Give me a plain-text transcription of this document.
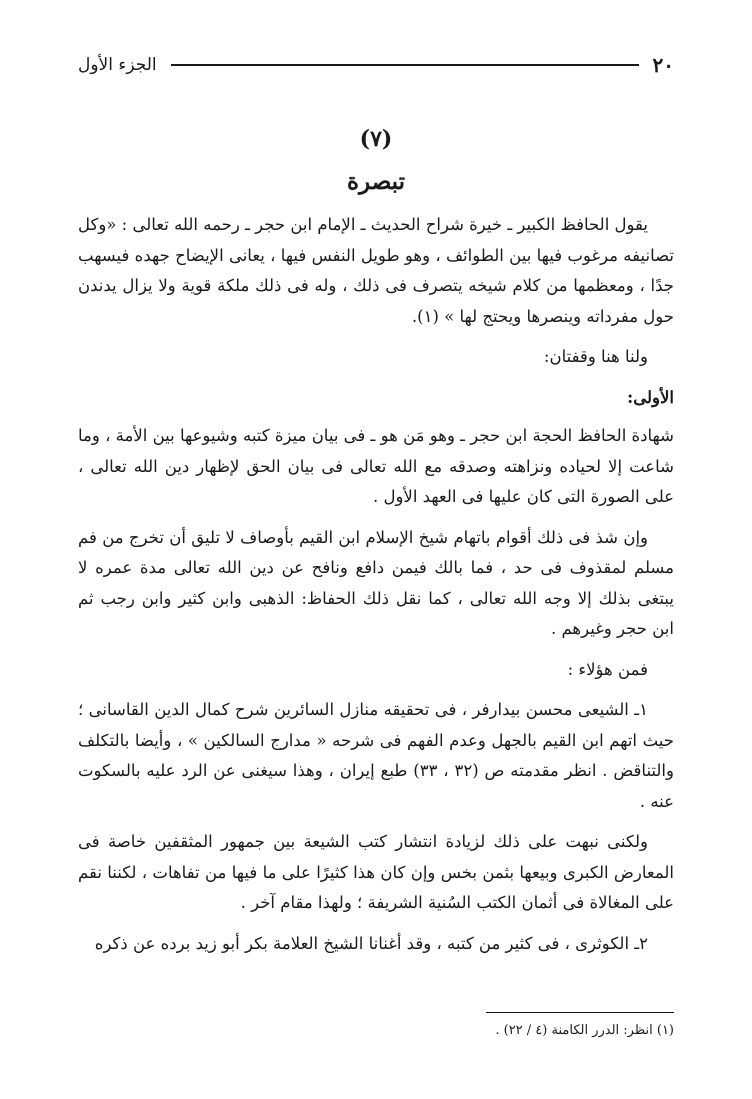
٢٠
الجزء الأول
(٧)
تبصرة

يقول الحافظ الكبير ـ خيرة شراح الحديث ـ الإمام ابن حجر ـ رحمه الله تعالى : «وكل تصانيفه مرغوب فيها بين الطوائف ، وهو طويل النفس فيها ، يعانى الإيضاح جهده فيسهب جدًا ، ومعظمها من كلام شيخه يتصرف فى ذلك ، وله فى ذلك ملكة قوية ولا يزال يدندن حول مفرداته وينصرها ويحتج لها » (١).

ولنا هنا وقفتان:

الأولى:

شهادة الحافظ الحجة ابن حجر ـ وهو مَن هو ـ فى بيان ميزة كتبه وشيوعها بين الأمة ، وما شاعت إلا لحياده ونزاهته وصدقه مع الله تعالى فى بيان الحق لإظهار دين الله تعالى ، على الصورة التى كان عليها فى العهد الأول .

وإن شذ فى ذلك أقوام باتهام شيخ الإسلام ابن القيم بأوصاف لا تليق أن تخرج من فم مسلم لمقذوف فى حد ، فما بالك فيمن دافع ونافح عن دين الله تعالى مدة عمره لا يبتغى بذلك إلا وجه الله تعالى ، كما نقل ذلك الحفاظ: الذهبى وابن كثير وابن رجب ثم ابن حجر وغيرهم .

فمن هؤلاء :

١ـ الشيعى محسن بيدارفر ، فى تحقيقه منازل السائرين شرح كمال الدين القاسانى ؛ حيث اتهم ابن القيم بالجهل وعدم الفهم فى شرحه « مدارج السالكين » ، وأيضا بالتكلف والتناقض . انظر مقدمته ص (٣٢ ، ٣٣) طبع إيران ، وهذا سيغنى عن الرد عليه بالسكوت عنه .

ولكنى نبهت على ذلك لزيادة انتشار كتب الشيعة بين جمهور المثقفين خاصة فى المعارض الكبرى وبيعها بثمن بخس وإن كان هذا كثيرًا على ما فيها من تفاهات ، لكننا نقم على المغالاة فى أثمان الكتب السُنية الشريفة ؛ ولهذا مقام آخر .

٢ـ الكوثرى ، فى كثير من كتبه ، وقد أغنانا الشيخ العلامة بكر أبو زيد برده عن ذكره

(١) انظر: الدرر الكامنة (٤ / ٢٢) .
